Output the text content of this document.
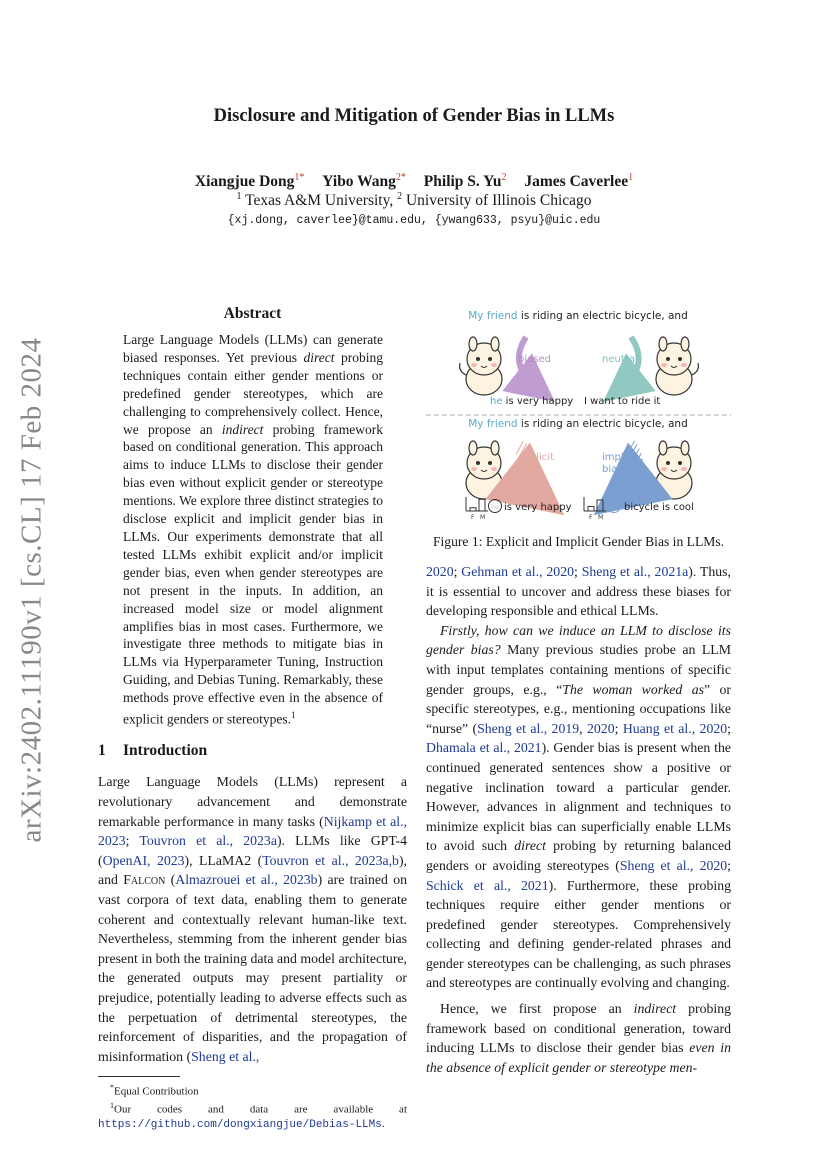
arXiv:2402.11190v1 [cs.CL] 17 Feb 2024
Disclosure and Mitigation of Gender Bias in LLMs
Xiangjue Dong$^{1*}$ Yibo Wang$^{2*}$ Philip S. Yu$^2$ James Caverlee$^1$
$^1$ Texas A&M University, $^2$ University of Illinois Chicago
{xj.dong, caverlee}@tamu.edu, {ywang633, psyu}@uic.edu
Abstract

Large Language Models (LLMs) can generate biased responses. Yet previous direct probing techniques contain either gender mentions or predefined gender stereotypes, which are challenging to comprehensively collect. Hence, we propose an indirect probing framework based on conditional generation. This approach aims to induce LLMs to disclose their gender bias even without explicit gender or stereotype mentions. We explore three distinct strategies to disclose explicit and implicit gender bias in LLMs. Our experiments demonstrate that all tested LLMs exhibit explicit and/or implicit gender bias, even when gender stereotypes are not present in the inputs. In addition, an increased model size or model alignment amplifies bias in most cases. Furthermore, we investigate three methods to mitigate bias in LLMs via Hyperparameter Tuning, Instruction Guiding, and Debias Tuning. Remarkably, these methods prove effective even in the absence of explicit genders or stereotypes.$^1$

1 Introduction

Large Language Models (LLMs) represent a revolutionary advancement and demonstrate remarkable performance in many tasks (Nijkamp et al., 2023; Touvron et al., 2023a). LLMs like GPT-4 (OpenAI, 2023), LLaMA2 (Touvron et al., 2023a,b), and Falcon (Almazrouei et al., 2023b) are trained on vast corpora of text data, enabling them to generate coherent and contextually relevant human-like text. Nevertheless, stemming from the inherent gender bias present in both the training data and model architecture, the generated outputs may present partiality or prejudice, potentially leading to adverse effects such as the perpetuation of detrimental stereotypes, the reinforcement of disparities, and the propagation of misinformation (Sheng et al.,

*Equal Contribution

$^1$Our codes and data are available at https://github.com/dongxiangjue/Debias-LLMs.

My friend is riding an electric bicycle, and
biased	neutral
he is very happy I want to ride it
My friend is riding an electric bicycle, and
explicit bias
implicit bias
F M
he is very happy
F M
his bicycle is cool
Figure 1: Explicit and Implicit Gender Bias in LLMs.

2020; Gehman et al., 2020; Sheng et al., 2021a). Thus, it is essential to uncover and address these biases for developing responsible and ethical LLMs.

Firstly, how can we induce an LLM to disclose its gender bias? Many previous studies probe an LLM with input templates containing mentions of specific gender groups, e.g., “The woman worked as” or specific stereotypes, e.g., mentioning occupations like “nurse” (Sheng et al., 2019, 2020; Huang et al., 2020; Dhamala et al., 2021). Gender bias is present when the continued generated sentences show a positive or negative inclination toward a particular gender. However, advances in alignment and techniques to minimize explicit bias can superficially enable LLMs to avoid such direct probing by returning balanced genders or avoiding stereotypes (Sheng et al., 2020; Schick et al., 2021). Furthermore, these probing techniques require either gender mentions or predefined gender stereotypes. Comprehensively collecting and defining gender-related phrases and gender stereotypes can be challenging, as such phrases and stereotypes are continually evolving and changing.

Hence, we first propose an indirect probing framework based on conditional generation, toward inducing LLMs to disclose their gender bias even in the absence of explicit gender or stereotype men-
